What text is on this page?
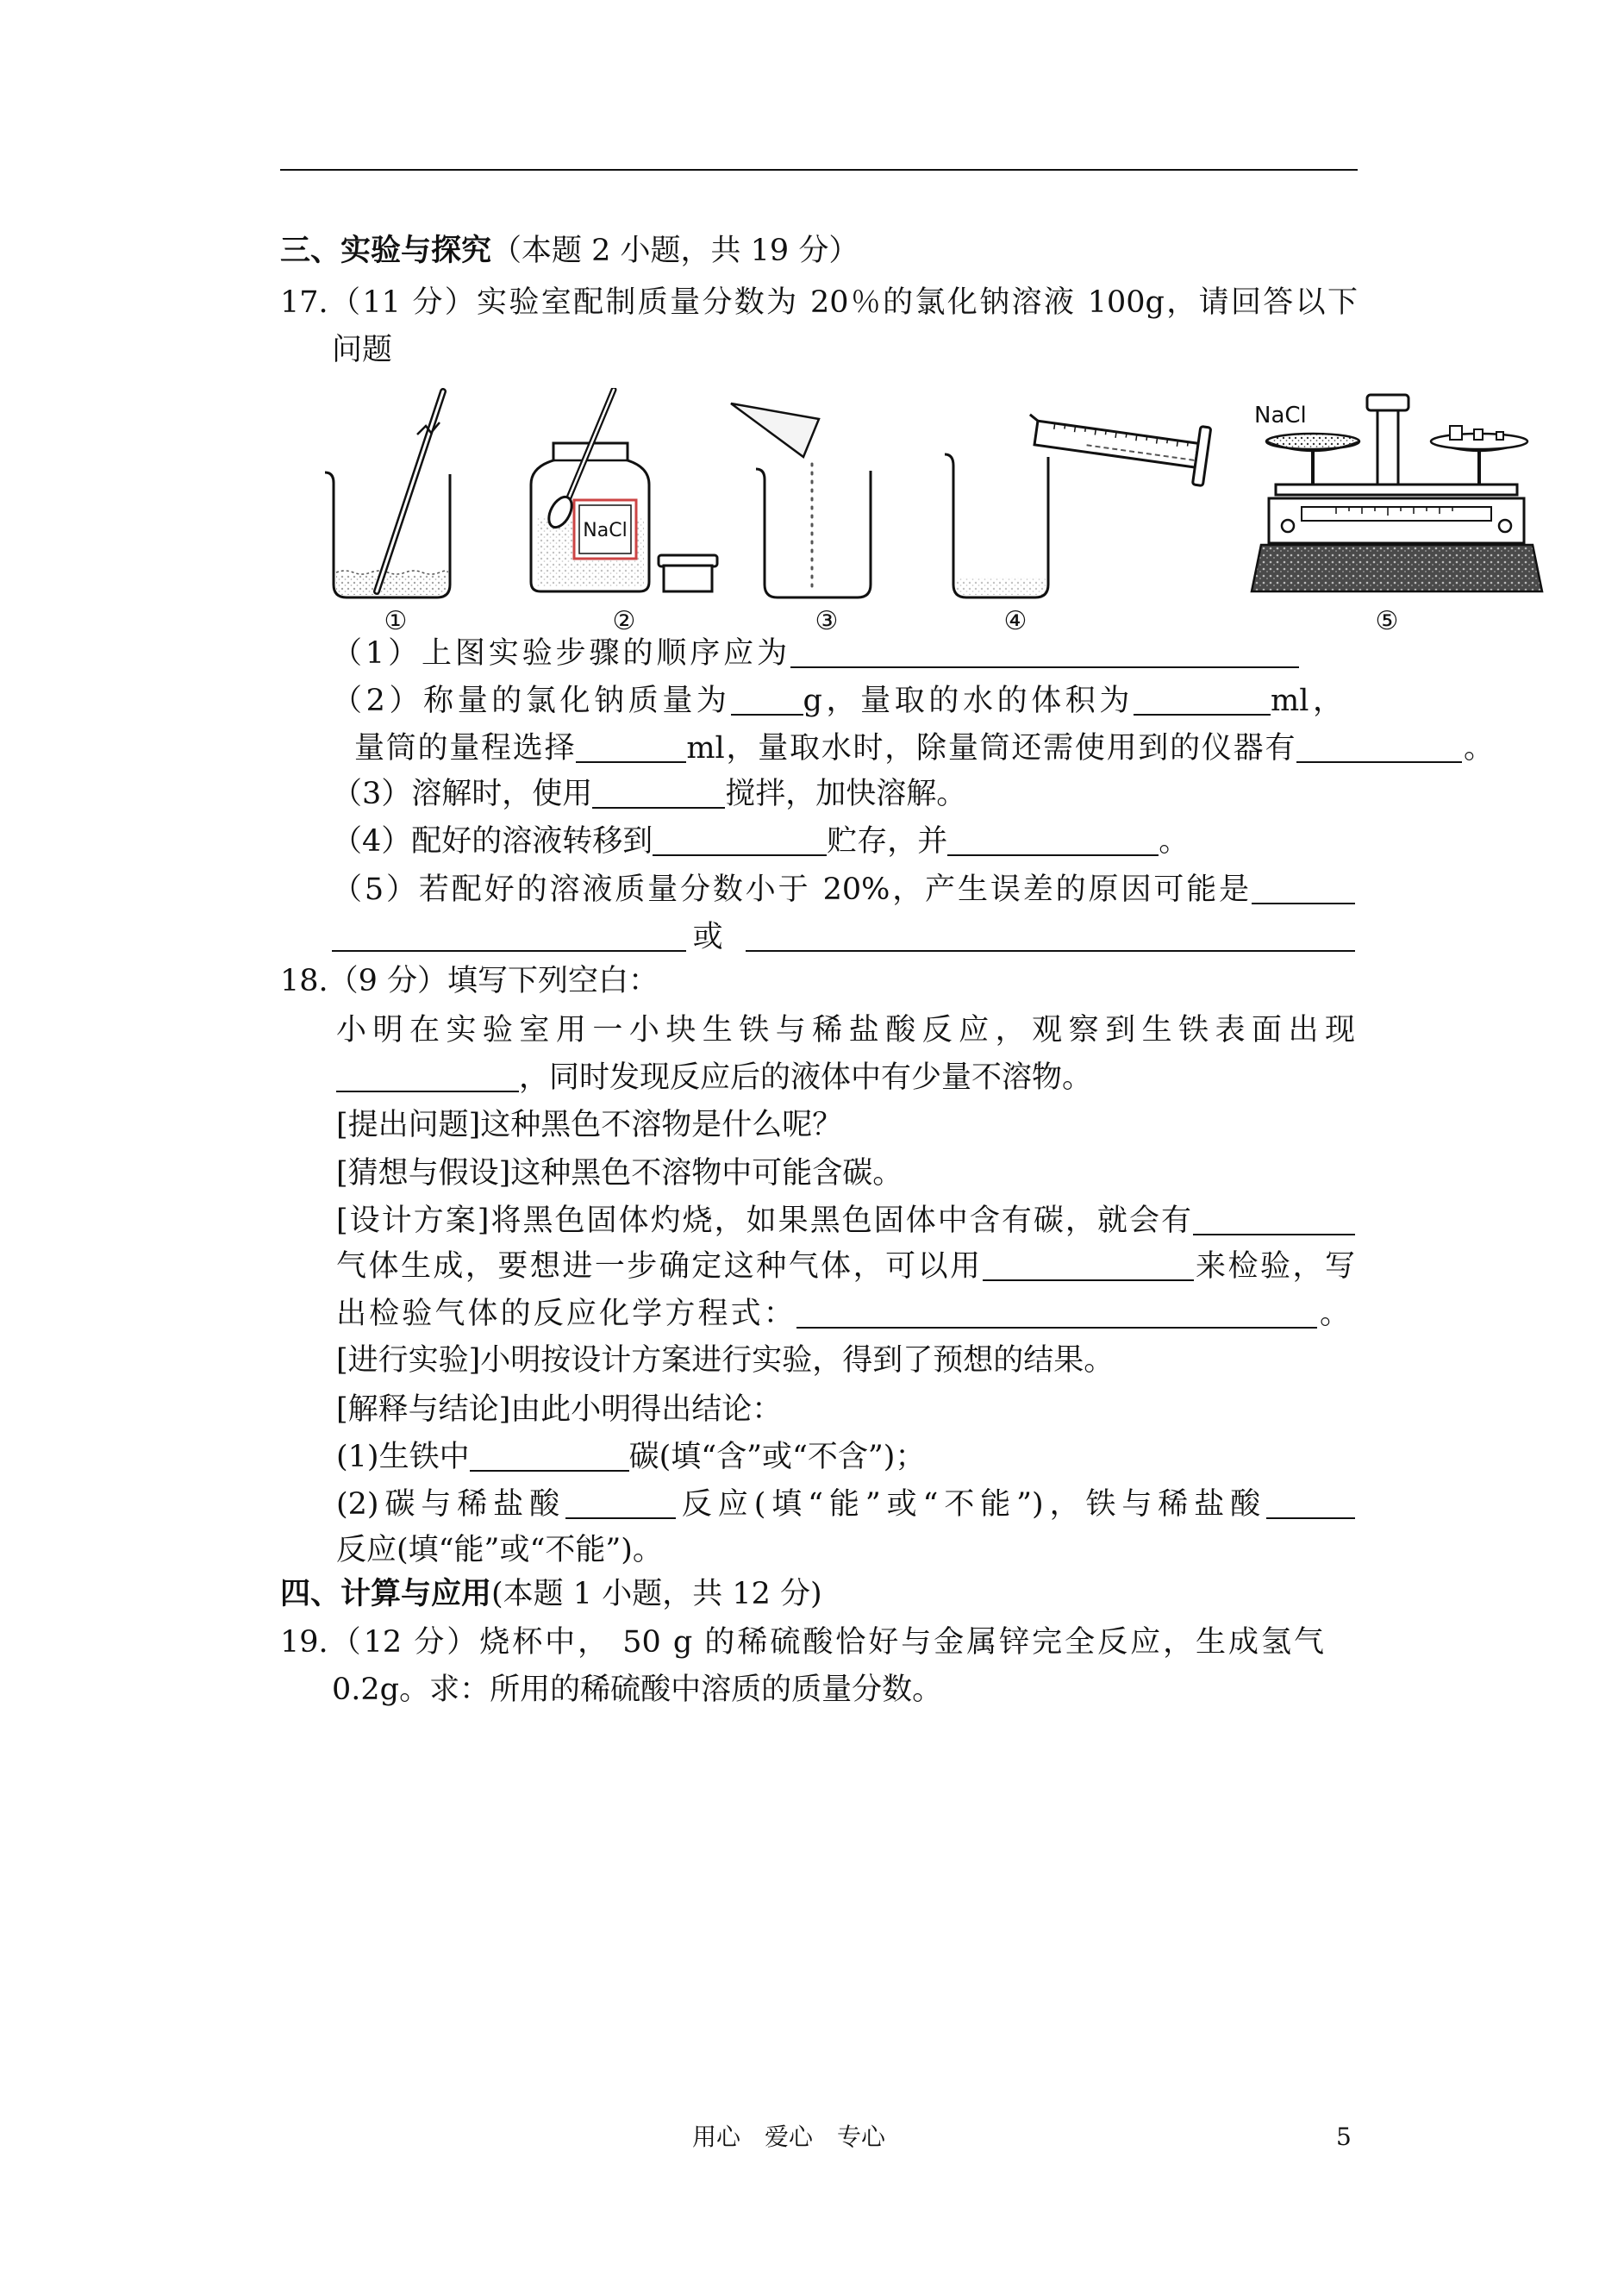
三、实验与探究（本题 2 小题，共 19 分）
17.（11 分）实验室配制质量分数为 20％的氯化钠溶液 100g，请回答以下
问题
①
NaCl
②	③	④
NaCl
⑤
（1）上图实验步骤的顺序应为
（2）称量的氯化钠质量为 g，量取的水的体积为	ml，
量筒的量程选择	ml，量取水时，除量筒还需使用到的仪器有	。
（3）溶解时，使用	搅拌，加快溶解。
（4）配好的溶液转移到	贮存，并	。
（5）若配好的溶液质量分数小于 20%，产生误差的原因可能是
或
18.（9 分）填写下列空白：
小明在实验室用一小块生铁与稀盐酸反应，观察到生铁表面出现
，同时发现反应后的液体中有少量不溶物。
[提出问题]这种黑色不溶物是什么呢？
[猜想与假设]这种黑色不溶物中可能含碳。
[设计方案]将黑色固体灼烧，如果黑色固体中含有碳，就会有
气体生成，要想进一步确定这种气体，可以用	来检验，写
出检验气体的反应化学方程式：	。
[进行实验]小明按设计方案进行实验，得到了预想的结果。
[解释与结论]由此小明得出结论：
(1)生铁中	碳(填“含”或“不含”)；
(2)碳与稀盐酸	反应(填“能”或“不能”)，铁与稀盐酸
反应(填“能”或“不能”)。
四、计算与应用(本题 1 小题，共 12 分)
19.（12 分）烧杯中， 50 g 的稀硫酸恰好与金属锌完全反应，生成氢气
0.2g。求：所用的稀硫酸中溶质的质量分数。
用心　爱心　专心	5
